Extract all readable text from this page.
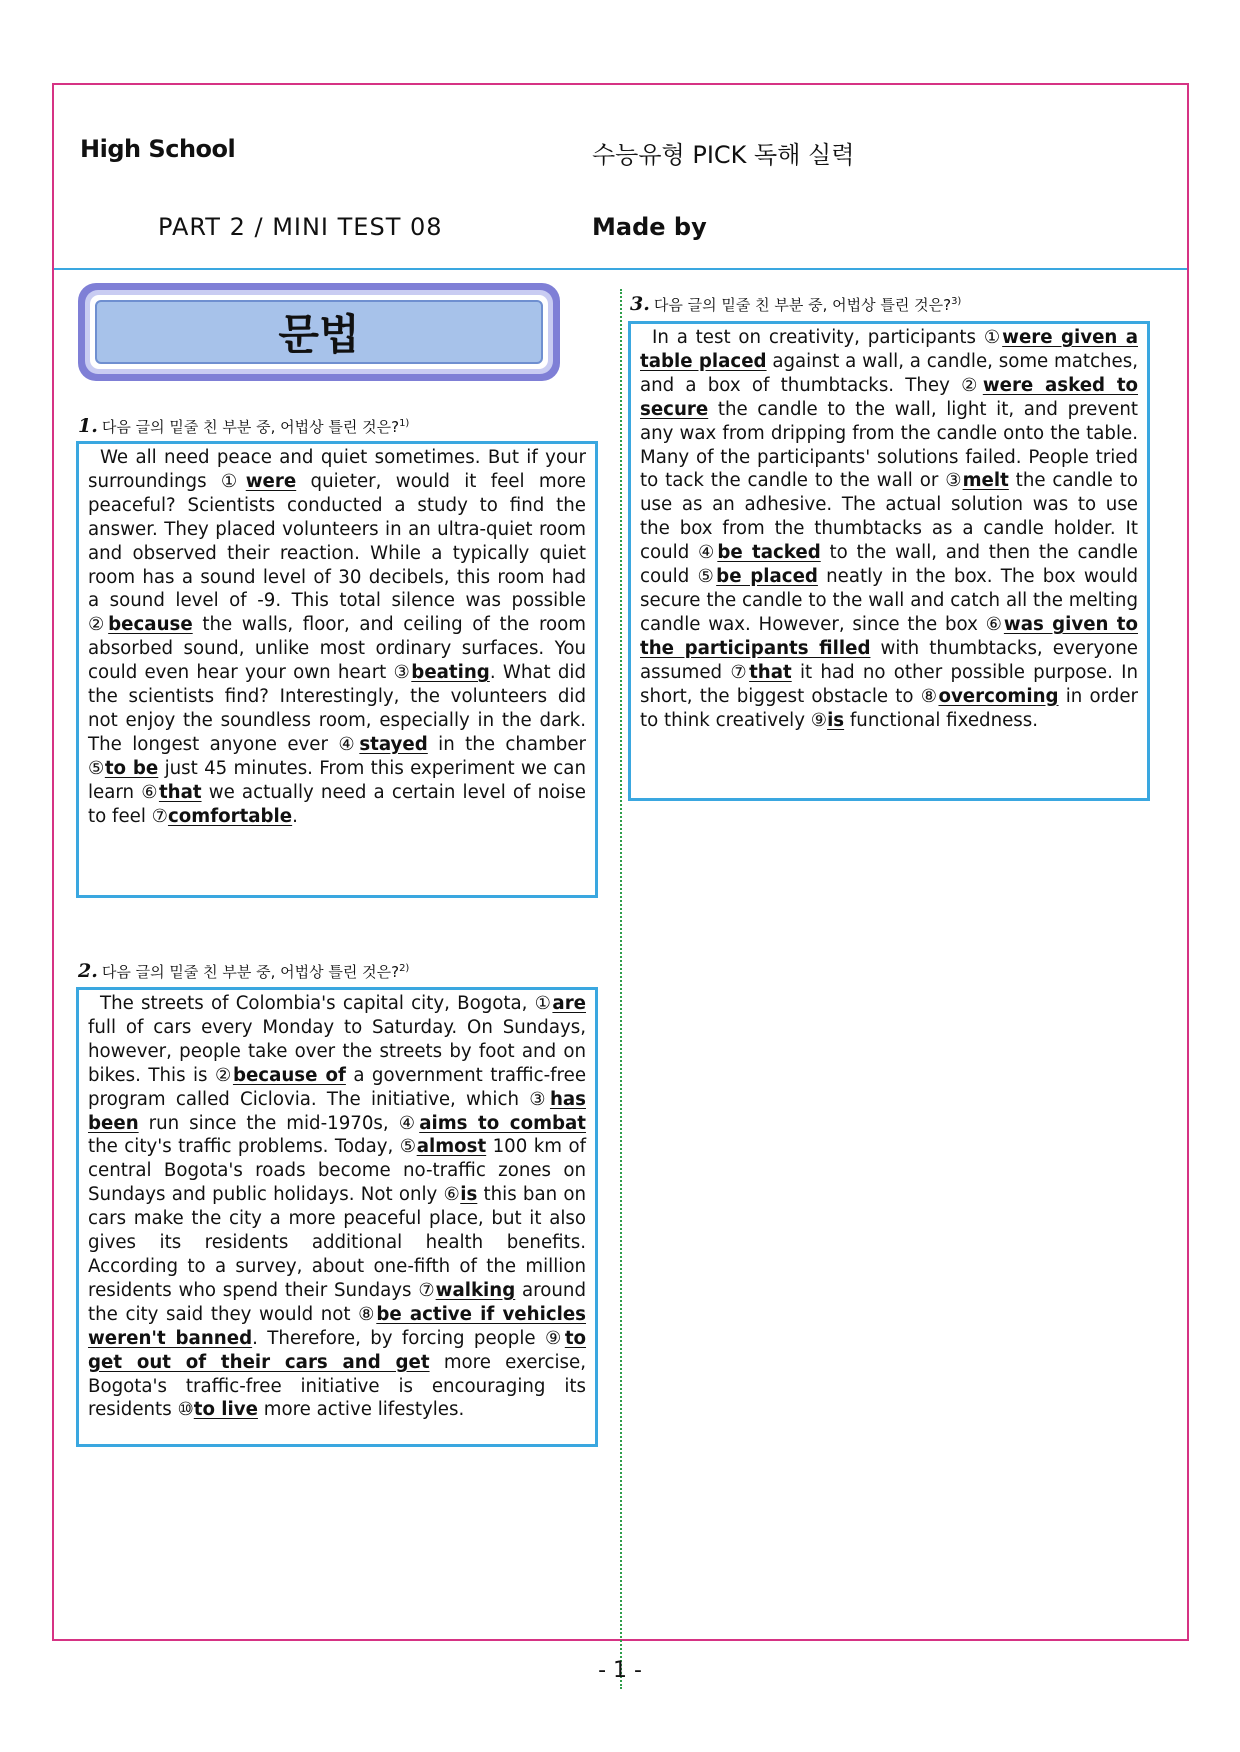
High School	수능유형 PICK 독해 실력
PART 2 / MINI TEST 08	Made by
문법
1. 다음 글의 밑줄 친 부분 중, 어법상 틀린 것은?$^{1)}$

We all need peace and quiet sometimes. But if your surroundings ①were quieter, would it feel more peaceful? Scientists conducted a study to find the answer. They placed volunteers in an ultra-quiet room and observed their reaction. While a typically quiet room has a sound level of 30 decibels, this room had a sound level of -9. This total silence was possible ②because the walls, floor, and ceiling of the room absorbed sound, unlike most ordinary surfaces. You could even hear your own heart ③beating. What did the scientists find? Interestingly, the volunteers did not enjoy the soundless room, especially in the dark. The longest anyone ever ④stayed in the chamber ⑤to be just 45 minutes. From this experiment we can learn ⑥that we actually need a certain level of noise to feel ⑦comfortable.

2. 다음 글의 밑줄 친 부분 중, 어법상 틀린 것은?$^{2)}$

The streets of Colombia's capital city, Bogota, ①are full of cars every Monday to Saturday. On Sundays, however, people take over the streets by foot and on bikes. This is ②because of a government traffic-free program called Ciclovia. The initiative, which ③has been run since the mid-1970s, ④aims to combat the city's traffic problems. Today, ⑤almost 100 km of central Bogota's roads become no-traffic zones on Sundays and public holidays. Not only ⑥is this ban on cars make the city a more peaceful place, but it also gives its residents additional health benefits. According to a survey, about one-fifth of the million residents who spend their Sundays ⑦walking around the city said they would not ⑧be active if vehicles weren't banned. Therefore, by forcing people ⑨to get out of their cars and get more exercise, Bogota's traffic-free initiative is encouraging its residents ⑩to live more active lifestyles.

3. 다음 글의 밑줄 친 부분 중, 어법상 틀린 것은?$^{3)}$

In a test on creativity, participants ①were given a table placed against a wall, a candle, some matches, and a box of thumbtacks. They ②were asked to secure the candle to the wall, light it, and prevent any wax from dripping from the candle onto the table. Many of the participants' solutions failed. People tried to tack the candle to the wall or ③melt the candle to use as an adhesive. The actual solution was to use the box from the thumbtacks as a candle holder. It could ④be tacked to the wall, and then the candle could ⑤be placed neatly in the box. The box would secure the candle to the wall and catch all the melting candle wax. However, since the box ⑥was given to the participants filled with thumbtacks, everyone assumed ⑦that it had no other possible purpose. In short, the biggest obstacle to ⑧overcoming in order to think creatively ⑨is functional fixedness.

- 1 -
